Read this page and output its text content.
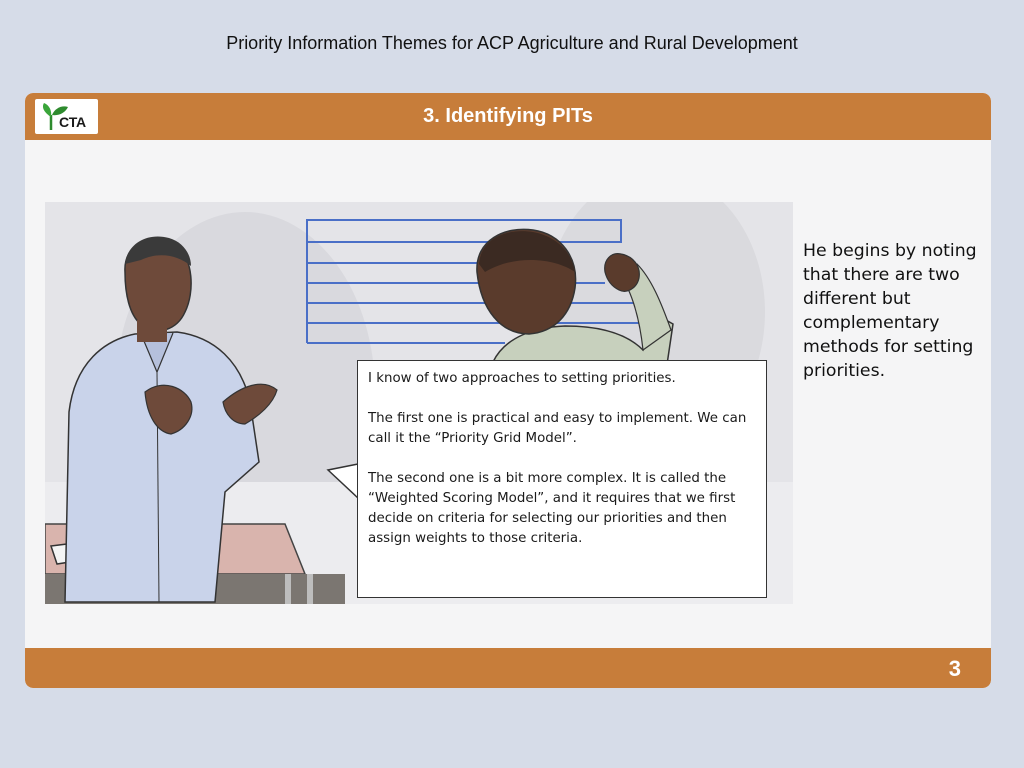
Priority Information Themes for ACP Agriculture and Rural Development
CTA	3. Identifying PITs

I know of two approaches to setting priorities.

The first one is practical and easy to implement. We can call it the “Priority Grid Model”.

The second one is a bit more complex. It is called the “Weighted Scoring Model”, and it requires that we first decide on criteria for selecting our priorities and then assign weights to those criteria.

He begins by noting that there are two different but complementary methods for setting priorities.
3
